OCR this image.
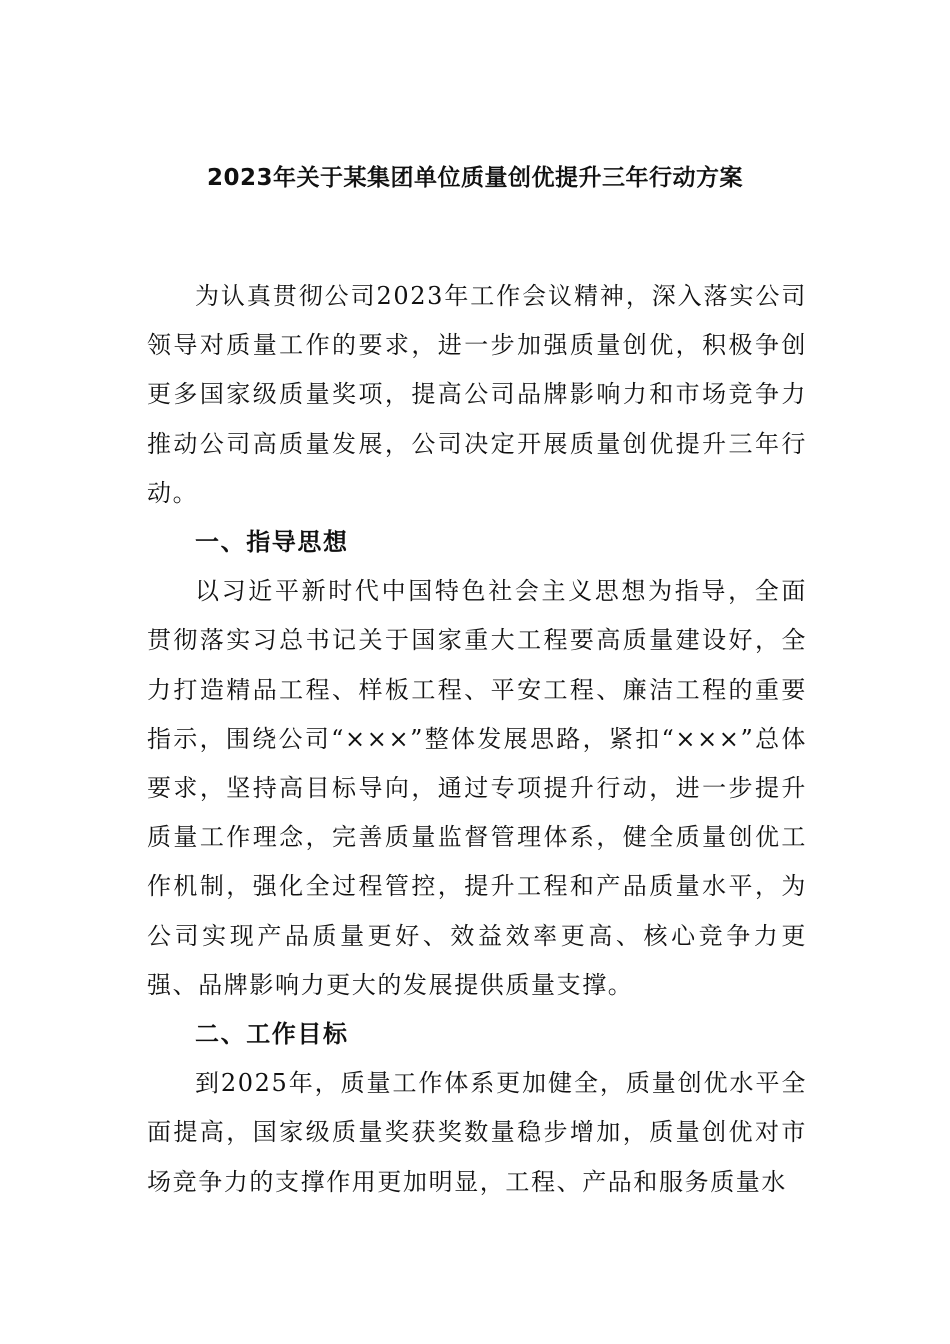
2023年关于某集团单位质量创优提升三年行动方案

为认真贯彻公司2023年工作会议精神，深入落实公司领导对质量工作的要求，进一步加强质量创优，积极争创更多国家级质量奖项，提高公司品牌影响力和市场竞争力推动公司高质量发展，公司决定开展质量创优提升三年行动。

一、指导思想

以习近平新时代中国特色社会主义思想为指导，全面贯彻落实习总书记关于国家重大工程要高质量建设好，全力打造精品工程、样板工程、平安工程、廉洁工程的重要指示，围绕公司“×××”整体发展思路，紧扣“×××”总体要求，坚持高目标导向，通过专项提升行动，进一步提升质量工作理念，完善质量监督管理体系，健全质量创优工作机制，强化全过程管控，提升工程和产品质量水平，为公司实现产品质量更好、效益效率更高、核心竞争力更强、品牌影响力更大的发展提供质量支撑。

二、工作目标

到2025年，质量工作体系更加健全，质量创优水平全面提高，国家级质量奖获奖数量稳步增加，质量创优对市场竞争力的支撑作用更加明显，工程、产品和服务质量水
